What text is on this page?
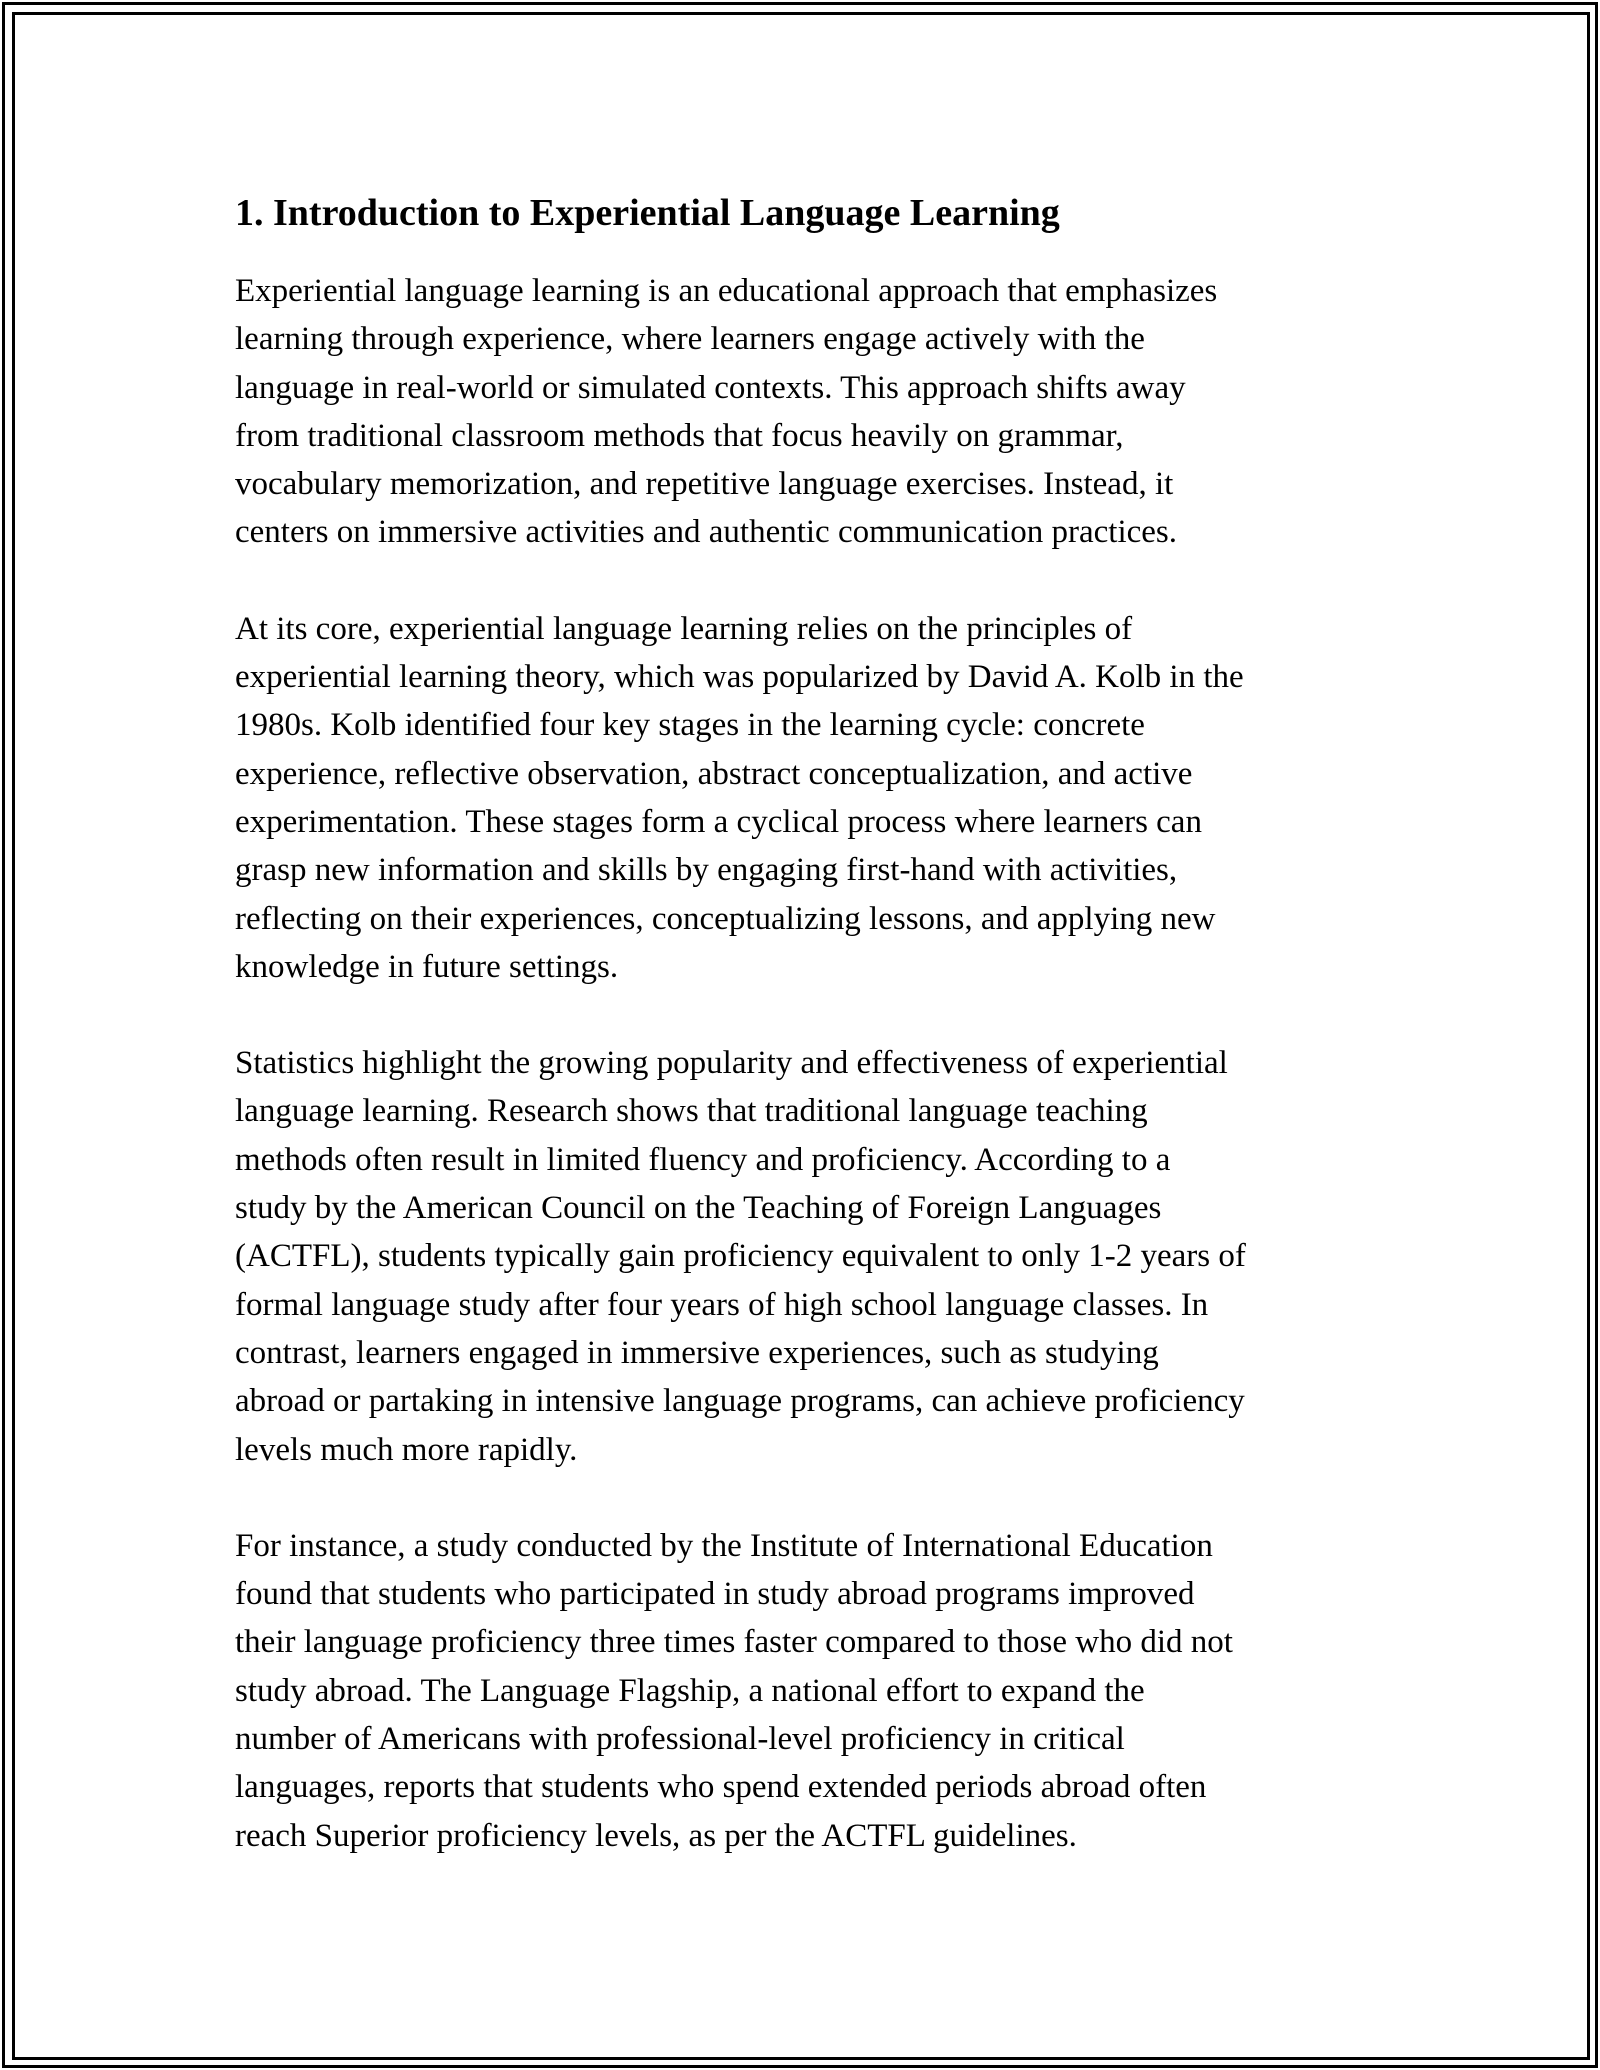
1. Introduction to Experiential Language Learning

Experiential language learning is an educational approach that emphasizes
learning through experience, where learners engage actively with the
language in real-world or simulated contexts. This approach shifts away
from traditional classroom methods that focus heavily on grammar,
vocabulary memorization, and repetitive language exercises. Instead, it
centers on immersive activities and authentic communication practices.

At its core, experiential language learning relies on the principles of
experiential learning theory, which was popularized by David A. Kolb in the
1980s. Kolb identified four key stages in the learning cycle: concrete
experience, reflective observation, abstract conceptualization, and active
experimentation. These stages form a cyclical process where learners can
grasp new information and skills by engaging first-hand with activities,
reflecting on their experiences, conceptualizing lessons, and applying new
knowledge in future settings.

Statistics highlight the growing popularity and effectiveness of experiential
language learning. Research shows that traditional language teaching
methods often result in limited fluency and proficiency. According to a
study by the American Council on the Teaching of Foreign Languages
(ACTFL), students typically gain proficiency equivalent to only 1-2 years of
formal language study after four years of high school language classes. In
contrast, learners engaged in immersive experiences, such as studying
abroad or partaking in intensive language programs, can achieve proficiency
levels much more rapidly.

For instance, a study conducted by the Institute of International Education
found that students who participated in study abroad programs improved
their language proficiency three times faster compared to those who did not
study abroad. The Language Flagship, a national effort to expand the
number of Americans with professional-level proficiency in critical
languages, reports that students who spend extended periods abroad often
reach Superior proficiency levels, as per the ACTFL guidelines.
